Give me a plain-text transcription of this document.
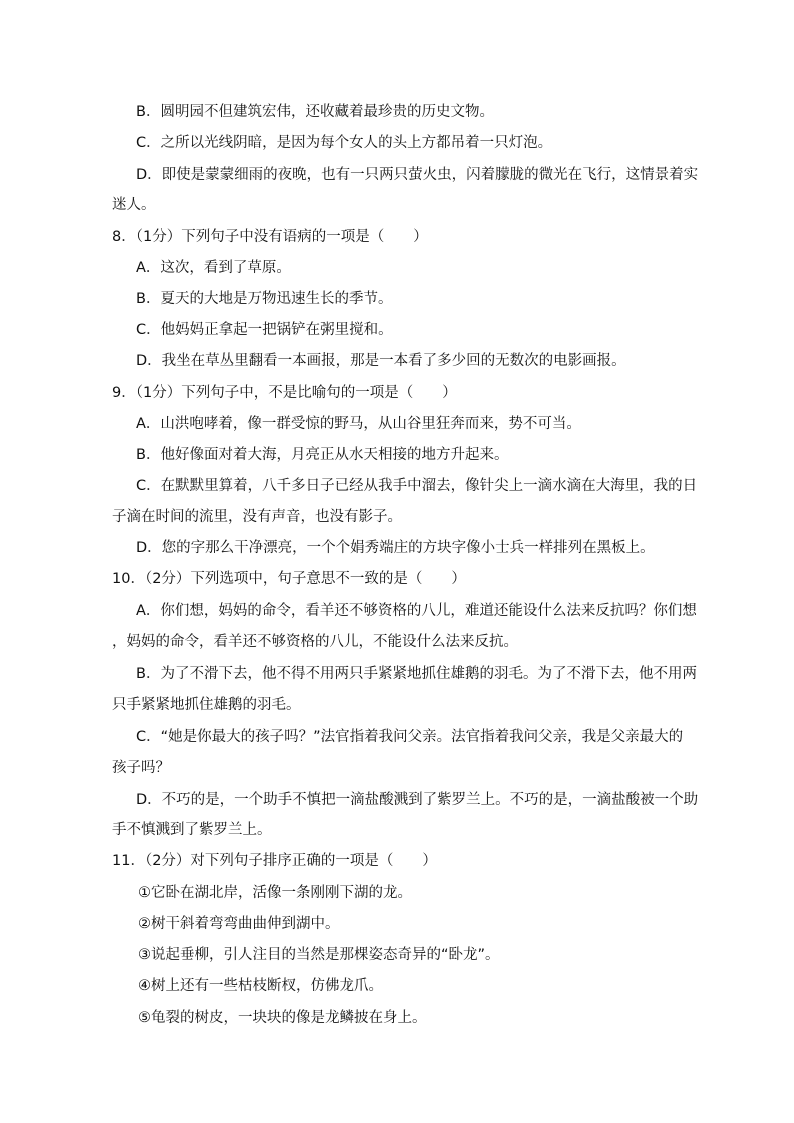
B．圆明园不但建筑宏伟，还收藏着最珍贵的历史文物。
C．之所以光线阴暗，是因为每个女人的头上方都吊着一只灯泡。
D．即使是蒙蒙细雨的夜晚，也有一只两只萤火虫，闪着朦胧的微光在飞行，这情景着实
迷人。
8．（1分）下列句子中没有语病的一项是（　　）
A．这次，看到了草原。
B．夏天的大地是万物迅速生长的季节。
C．他妈妈正拿起一把锅铲在粥里搅和。
D．我坐在草丛里翻看一本画报，那是一本看了多少回的无数次的电影画报。
9．（1分）下列句子中，不是比喻句的一项是（　　）
A．山洪咆哮着，像一群受惊的野马，从山谷里狂奔而来，势不可当。
B．他好像面对着大海，月亮正从水天相接的地方升起来。
C．在默默里算着，八千多日子已经从我手中溜去，像针尖上一滴水滴在大海里，我的日
子滴在时间的流里，没有声音，也没有影子。
D．您的字那么干净漂亮，一个个娟秀端庄的方块字像小士兵一样排列在黑板上。
10．（2分）下列选项中，句子意思不一致的是（　　）
A．你们想，妈妈的命令，看羊还不够资格的八儿，难道还能设什么法来反抗吗？你们想
，妈妈的命令，看羊还不够资格的八儿，不能设什么法来反抗。
B．为了不滑下去，他不得不用两只手紧紧地抓住雄鹅的羽毛。为了不滑下去，他不用两
只手紧紧地抓住雄鹅的羽毛。
C．“她是你最大的孩子吗？”法官指着我问父亲。法官指着我问父亲，我是父亲最大的
孩子吗？
D．不巧的是，一个助手不慎把一滴盐酸溅到了紫罗兰上。不巧的是，一滴盐酸被一个助
手不慎溅到了紫罗兰上。
11．（2分）对下列句子排序正确的一项是（　　）
①它卧在湖北岸，活像一条刚刚下湖的龙。
②树干斜着弯弯曲曲伸到湖中。
③说起垂柳，引人注目的当然是那棵姿态奇异的“卧龙”。
④树上还有一些枯枝断杈，仿佛龙爪。
⑤龟裂的树皮，一块块的像是龙鳞披在身上。
